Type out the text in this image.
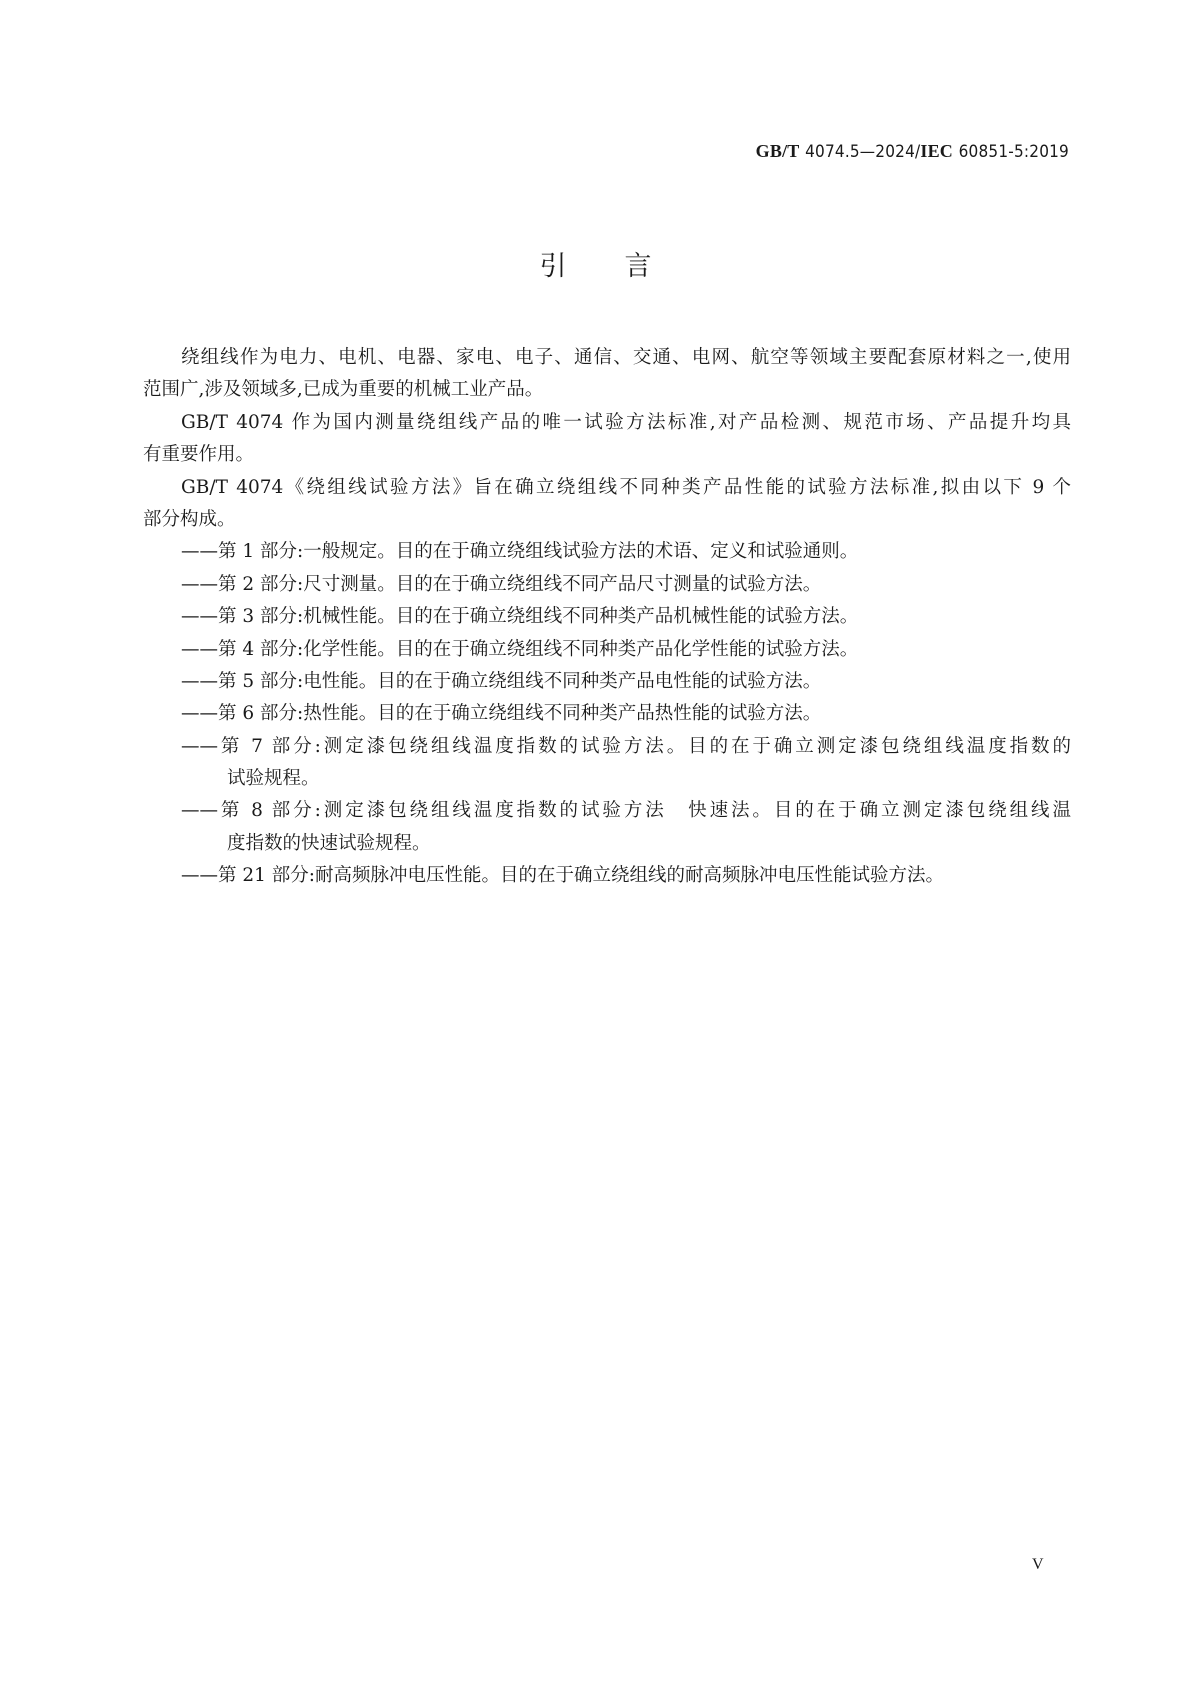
GB/T 4074.5—2024/IEC 60851-5:2019
引言
绕组线作为电力、电机、电器、家电、电子、通信、交通、电网、航空等领域主要配套原材料之一,使用
范围广,涉及领域多,已成为重要的机械工业产品。
GB/T 4074 作为国内测量绕组线产品的唯一试验方法标准,对产品检测、规范市场、产品提升均具
有重要作用。
GB/T 4074《绕组线试验方法》旨在确立绕组线不同种类产品性能的试验方法标准,拟由以下 9 个
部分构成。
——第 1 部分:一般规定。目的在于确立绕组线试验方法的术语、定义和试验通则。
——第 2 部分:尺寸测量。目的在于确立绕组线不同产品尺寸测量的试验方法。
——第 3 部分:机械性能。目的在于确立绕组线不同种类产品机械性能的试验方法。
——第 4 部分:化学性能。目的在于确立绕组线不同种类产品化学性能的试验方法。
——第 5 部分:电性能。目的在于确立绕组线不同种类产品电性能的试验方法。
——第 6 部分:热性能。目的在于确立绕组线不同种类产品热性能的试验方法。
——第 7 部分:测定漆包绕组线温度指数的试验方法。目的在于确立测定漆包绕组线温度指数的
试验规程。
——第 8 部分:测定漆包绕组线温度指数的试验方法　快速法。目的在于确立测定漆包绕组线温
度指数的快速试验规程。
——第 21 部分:耐高频脉冲电压性能。目的在于确立绕组线的耐高频脉冲电压性能试验方法。
V
